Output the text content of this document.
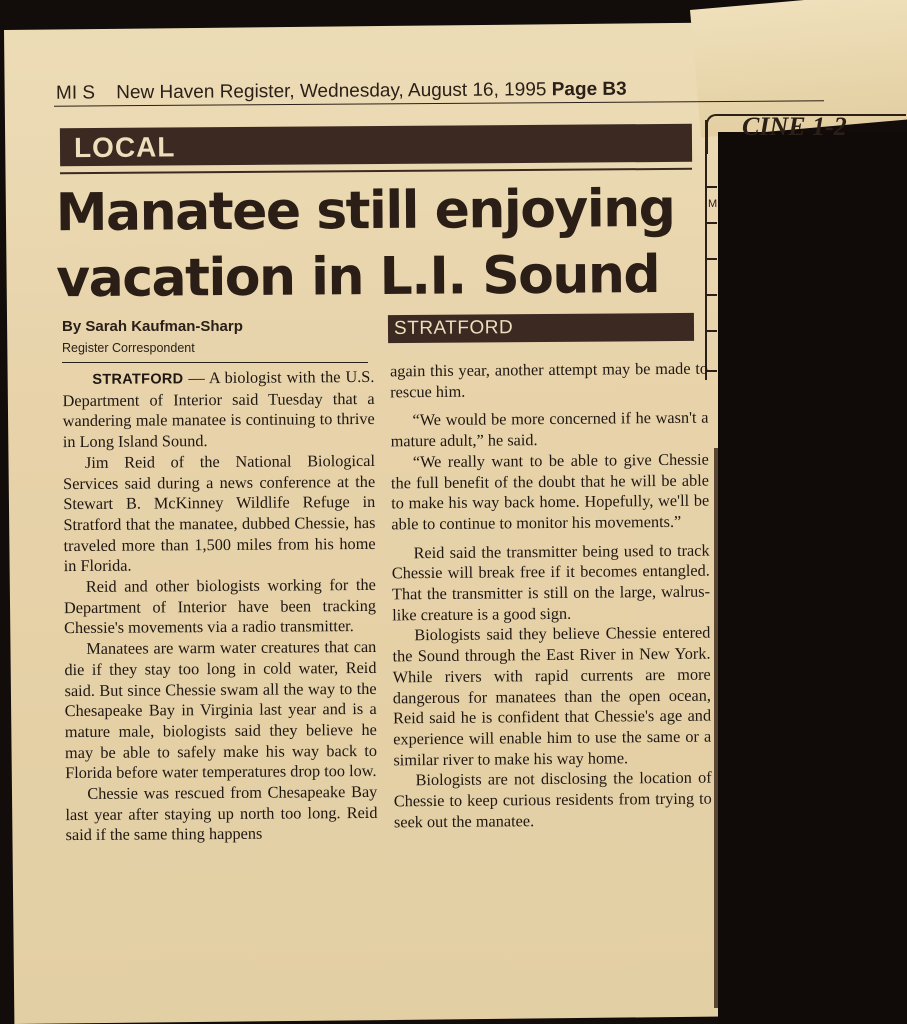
CINE 1-2
M
MI S New Haven Register, Wednesday, August 16, 1995 Page B3
LOCAL
Manatee still enjoying
vacation in L.I. Sound
By Sarah Kaufman-Sharp
Register Correspondent
STRATFORD

STRATFORD — A biologist with the U.S. Department of Interior said Tuesday that a wandering male manatee is continuing to thrive in Long Island Sound.

Jim Reid of the National Biological Services said during a news conference at the Stewart B. McKinney Wildlife Refuge in Stratford that the manatee, dubbed Chessie, has traveled more than 1,500 miles from his home in Florida.

Reid and other biologists working for the Department of Interior have been tracking Chessie's movements via a radio transmitter.

Manatees are warm water creatures that can die if they stay too long in cold water, Reid said. But since Chessie swam all the way to the Chesapeake Bay in Virginia last year and is a mature male, biologists said they believe he may be able to safely make his way back to Florida before water temperatures drop too low.

Chessie was rescued from Chesapeake Bay last year after staying up north too long. Reid said if the same thing happens

again this year, another attempt may be made to rescue him.

“We would be more concerned if he wasn't a mature adult,” he said.

“We really want to be able to give Chessie the full benefit of the doubt that he will be able to make his way back home. Hopefully, we'll be able to continue to monitor his movements.”

Reid said the transmitter being used to track Chessie will break free if it becomes entangled. That the transmitter is still on the large, walrus-like creature is a good sign.

Biologists said they believe Chessie entered the Sound through the East River in New York. While rivers with rapid currents are more dangerous for manatees than the open ocean, Reid said he is confident that Chessie's age and experience will enable him to use the same or a similar river to make his way home.

Biologists are not disclosing the location of Chessie to keep curious residents from trying to seek out the manatee.
